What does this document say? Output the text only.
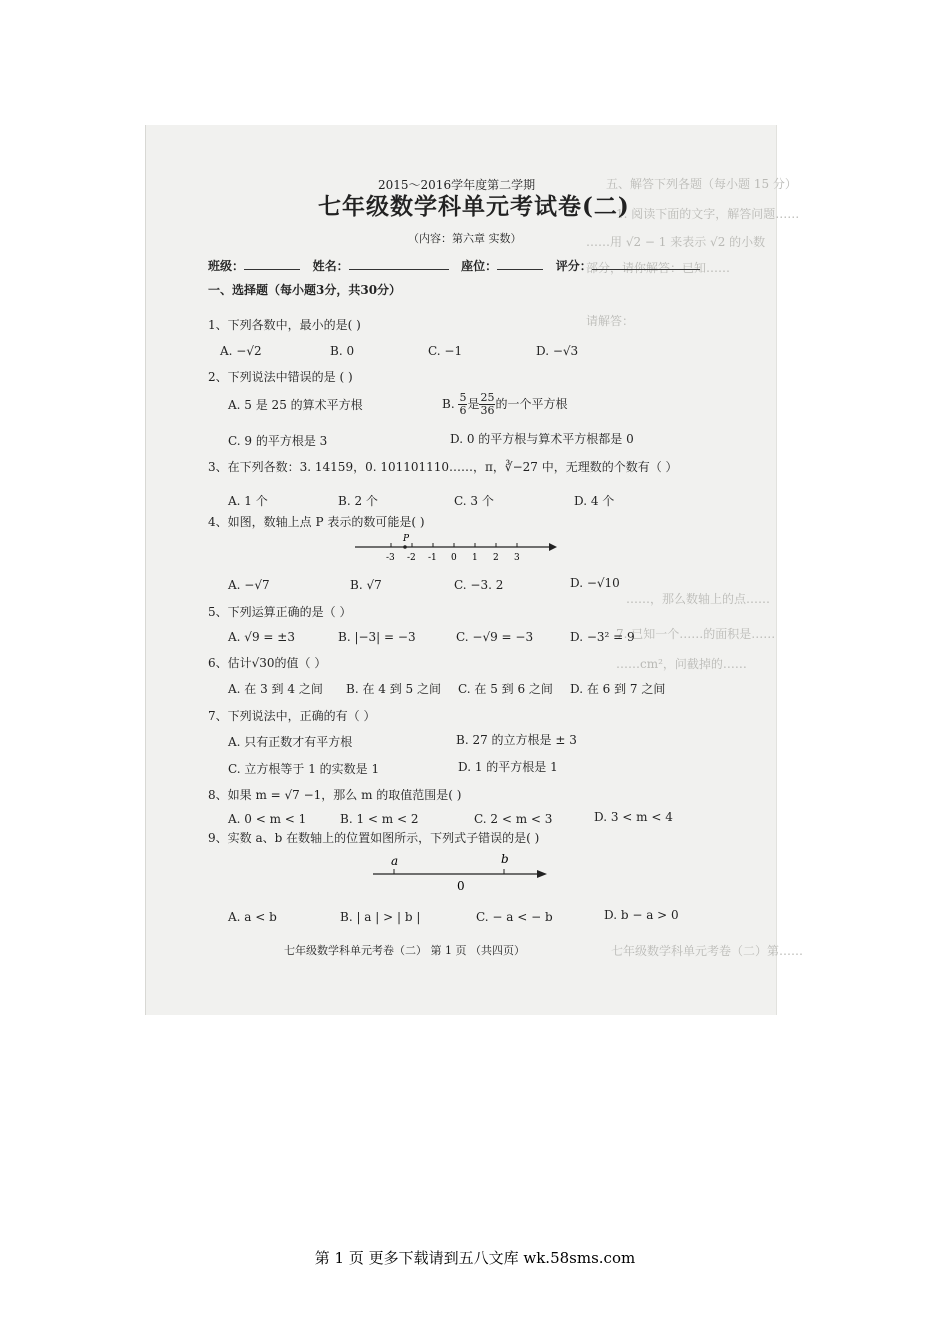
五、解答下列各题（每小题 15 分）
1. 阅读下面的文字，解答问题……
……用 √2 − 1 来表示 √2 的小数
部分，请你解答：已知……
请解答：
……，那么数轴上的点……
7. 已知一个……的面积是……
……cm²，问截掉的……
七年级数学科单元考卷（二）第……
2015～2016学年度第二学期
七年级数学科单元考试卷(二)
（内容：第六章 实数）
班级：	姓名：	座位：	评分：
一、选择题（每小题3分，共30分）
1、下列各数中，最小的是( )
A. −√2	B. 0	C. −1	D. −√3
2、下列说法中错误的是 ( )
A. 5 是 25 的算术平方根	B. $\frac{5}{6}$ 是 $\frac{25}{36}$ 的一个平方根
C. 9 的平方根是 3	D. 0 的平方根与算术平方根都是 0
3、在下列各数：3. 14159，0. 101101110……，π，∛−27 中，无理数的个数有（ ）
A. 1 个	B. 2 个	C. 3 个	D. 4 个
4、如图，数轴上点 P 表示的数可能是( )
-3 -2 -1 0 1 2 3
P
A. −√7	B. √7	C. −3. 2	D. −√10
5、下列运算正确的是（ ）
A. √9 = ±3	B. |−3| = −3	C. −√9 = −3	D. −3² = 9
6、估计√30的值（ ）
A. 在 3 到 4 之间 B. 在 4 到 5 之间 C. 在 5 到 6 之间 D. 在 6 到 7 之间
7、下列说法中，正确的有（ ）
A. 只有正数才有平方根	B. 27 的立方根是 ± 3
C. 立方根等于 1 的实数是 1	D. 1 的平方根是 1
8、如果 m = √7 −1，那么 m 的取值范围是( )
A. 0 < m < 1	B. 1 < m < 2	C. 2 < m < 3	D. 3 < m < 4
9、实数 a、b 在数轴上的位置如图所示，下列式子错误的是( )
a	b
0
A. a < b	B. | a | > | b |	C. − a < − b	D. b − a > 0
七年级数学科单元考卷（二） 第 1 页 （共四页）
第 1 页 更多下载请到五八文库 wk.58sms.com
